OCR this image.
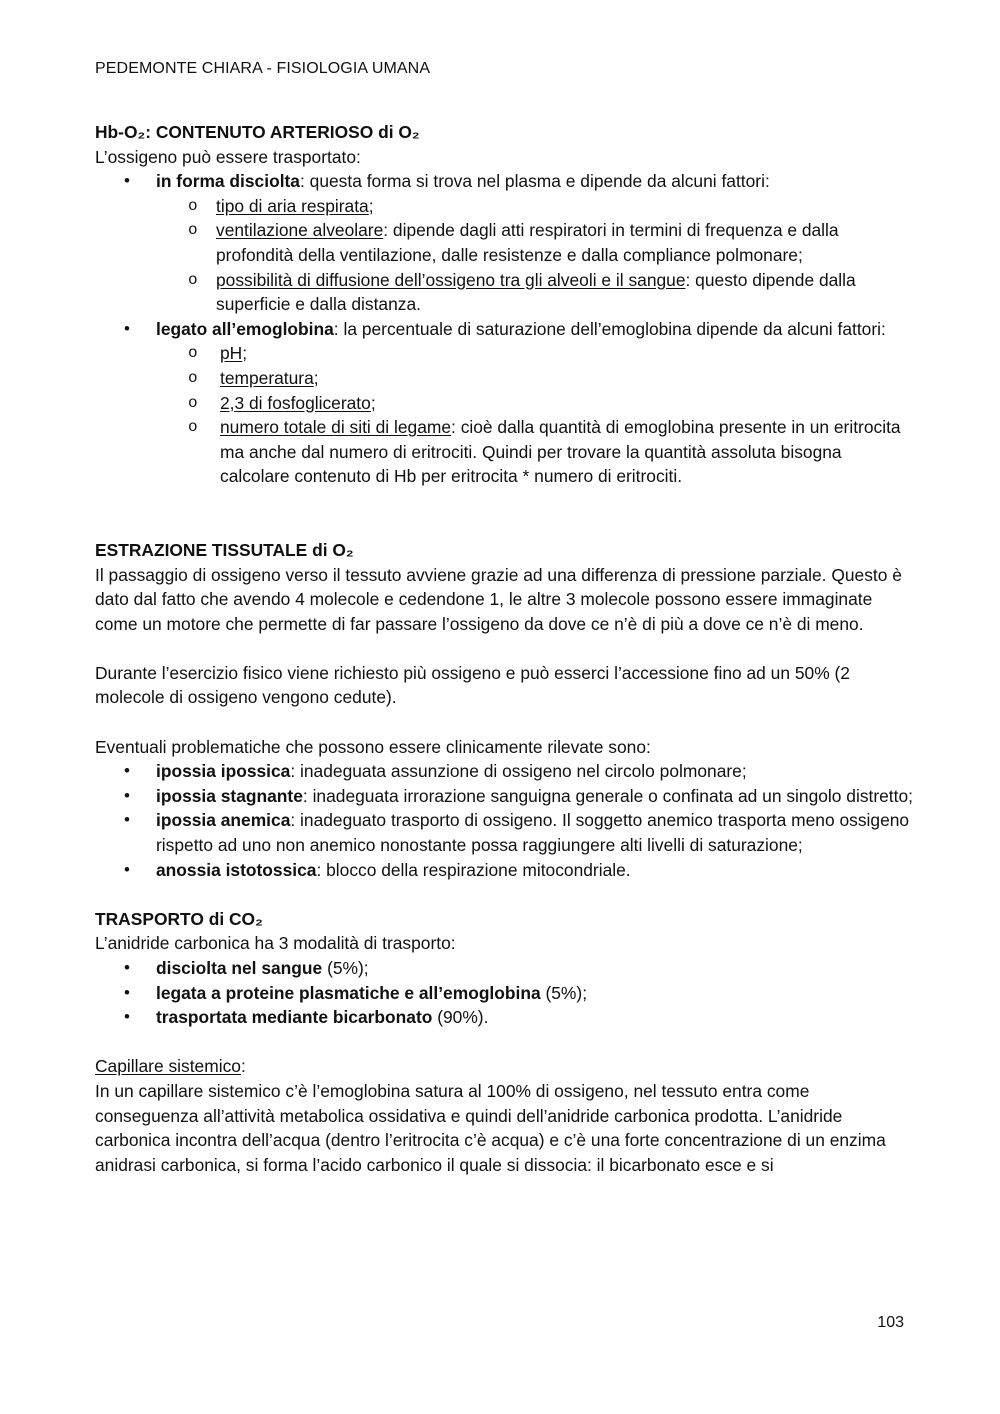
PEDEMONTE CHIARA - FISIOLOGIA UMANA

Hb-O₂: CONTENUTO ARTERIOSO di O₂

L’ossigeno può essere trasportato:

• in forma disciolta: questa forma si trova nel plasma e dipende da alcuni fattori:
o tipo di aria respirata;
o ventilazione alveolare: dipende dagli atti respiratori in termini di frequenza e dalla profondità della ventilazione, dalle resistenze e dalla compliance polmonare;
o possibilità di diffusione dell’ossigeno tra gli alveoli e il sangue: questo dipende dalla superficie e dalla distanza.
• legato all’emoglobina: la percentuale di saturazione dell’emoglobina dipende da alcuni fattori:
o pH;
o temperatura;
o 2,3 di fosfoglicerato;
o numero totale di siti di legame: cioè dalla quantità di emoglobina presente in un eritrocita ma anche dal numero di eritrociti. Quindi per trovare la quantità assoluta bisogna calcolare contenuto di Hb per eritrocita * numero di eritrociti.

ESTRAZIONE TISSUTALE di O₂

Il passaggio di ossigeno verso il tessuto avviene grazie ad una differenza di pressione parziale. Questo è dato dal fatto che avendo 4 molecole e cedendone 1, le altre 3 molecole possono essere immaginate come un motore che permette di far passare l’ossigeno da dove ce n’è di più a dove ce n’è di meno.

Durante l’esercizio fisico viene richiesto più ossigeno e può esserci l’accessione fino ad un 50% (2 molecole di ossigeno vengono cedute).

Eventuali problematiche che possono essere clinicamente rilevate sono:

• ipossia ipossica: inadeguata assunzione di ossigeno nel circolo polmonare;
• ipossia stagnante: inadeguata irrorazione sanguigna generale o confinata ad un singolo distretto;
• ipossia anemica: inadeguato trasporto di ossigeno. Il soggetto anemico trasporta meno ossigeno rispetto ad uno non anemico nonostante possa raggiungere alti livelli di saturazione;
• anossia istotossica: blocco della respirazione mitocondriale.

TRASPORTO di CO₂

L’anidride carbonica ha 3 modalità di trasporto:

• disciolta nel sangue (5%);
• legata a proteine plasmatiche e all’emoglobina (5%);
• trasportata mediante bicarbonato (90%).

Capillare sistemico:

In un capillare sistemico c’è l’emoglobina satura al 100% di ossigeno, nel tessuto entra come conseguenza all’attività metabolica ossidativa e quindi dell’anidride carbonica prodotta. L’anidride carbonica incontra dell’acqua (dentro l’eritrocita c’è acqua) e c’è una forte concentrazione di un enzima anidrasi carbonica, si forma l’acido carbonico il quale si dissocia: il bicarbonato esce e si

103
